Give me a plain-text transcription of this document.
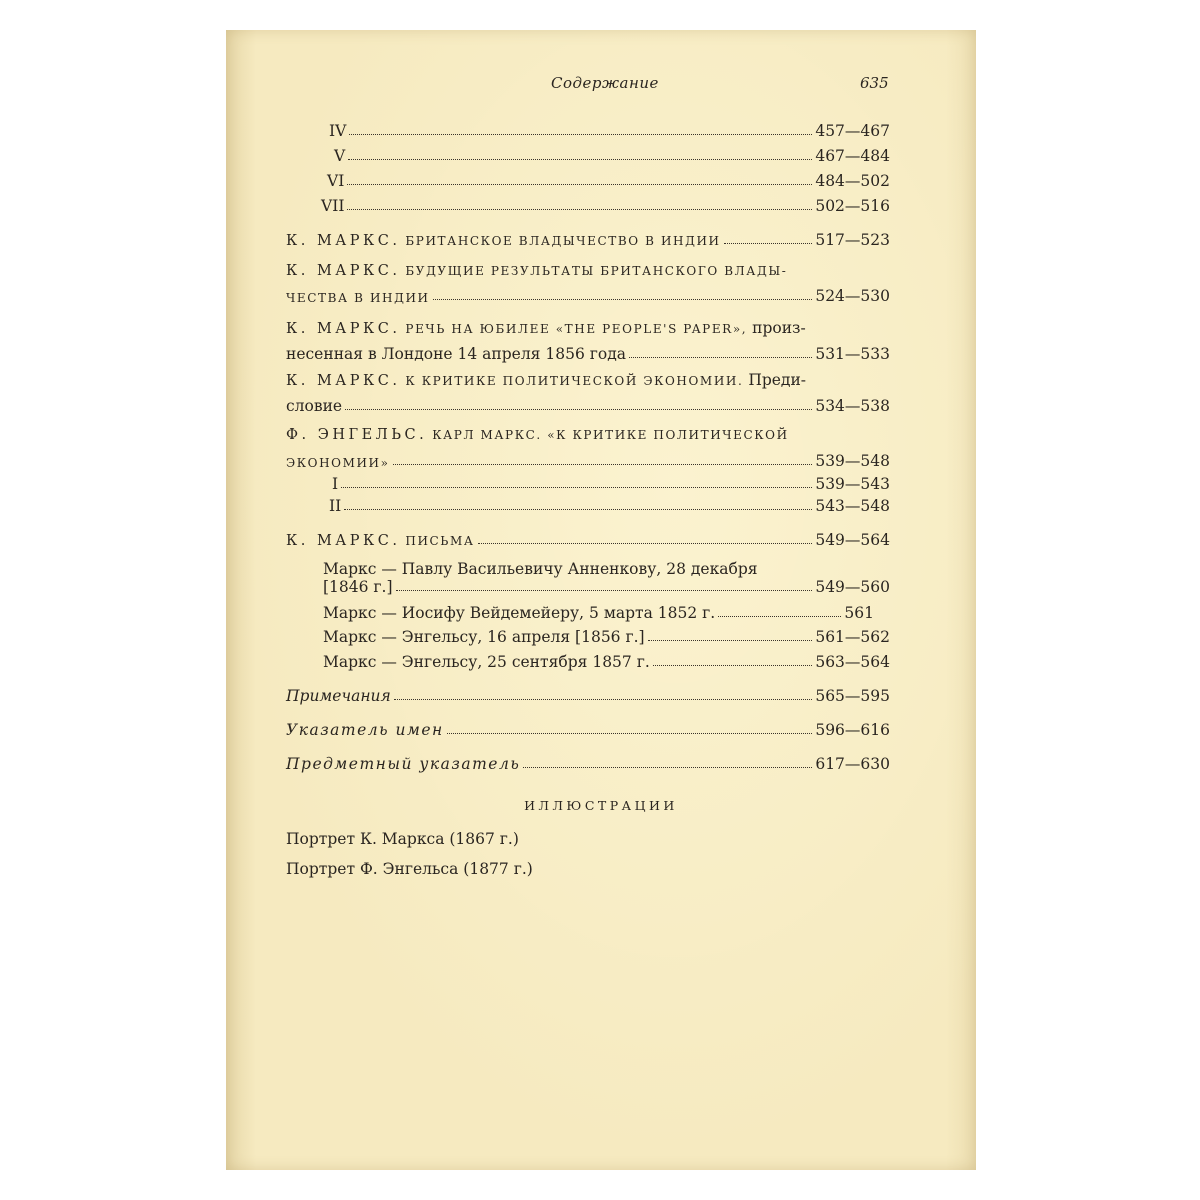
Содержание	635
IV	457—467
V	467—484
VI	484—502
VII	502—516
К. МАРКС. БРИТАНСКОЕ ВЛАДЫЧЕСТВО В ИНДИИ	517—523
К. МАРКС. БУДУЩИЕ РЕЗУЛЬТАТЫ БРИТАНСКОГО ВЛАДЫ-
ЧЕСТВА В ИНДИИ	524—530
К. МАРКС. РЕЧЬ НА ЮБИЛЕЕ «THE PEOPLE'S PAPER», произ-
несенная в Лондоне 14 апреля 1856 года	531—533
К. МАРКС. К КРИТИКЕ ПОЛИТИЧЕСКОЙ ЭКОНОМИИ. Преди-
словие	534—538
Ф. ЭНГЕЛЬС. КАРЛ МАРКС. «К КРИТИКЕ ПОЛИТИЧЕСКОЙ
ЭКОНОМИИ»	539—548
I	539—543
II	543—548
К. МАРКС. ПИСЬМА	549—564
Маркс — Павлу Васильевичу Анненкову, 28 декабря
[1846 г.]	549—560
Маркс — Иосифу Вейдемейеру, 5 марта 1852 г.	561
Маркс — Энгельсу, 16 апреля [1856 г.]	561—562
Маркс — Энгельсу, 25 сентября 1857 г.	563—564
Примечания	565—595
Указатель имен	596—616
Предметный указатель	617—630
ИЛЛЮСТРАЦИИ
Портрет К. Маркса (1867 г.)
Портрет Ф. Энгельса (1877 г.)
